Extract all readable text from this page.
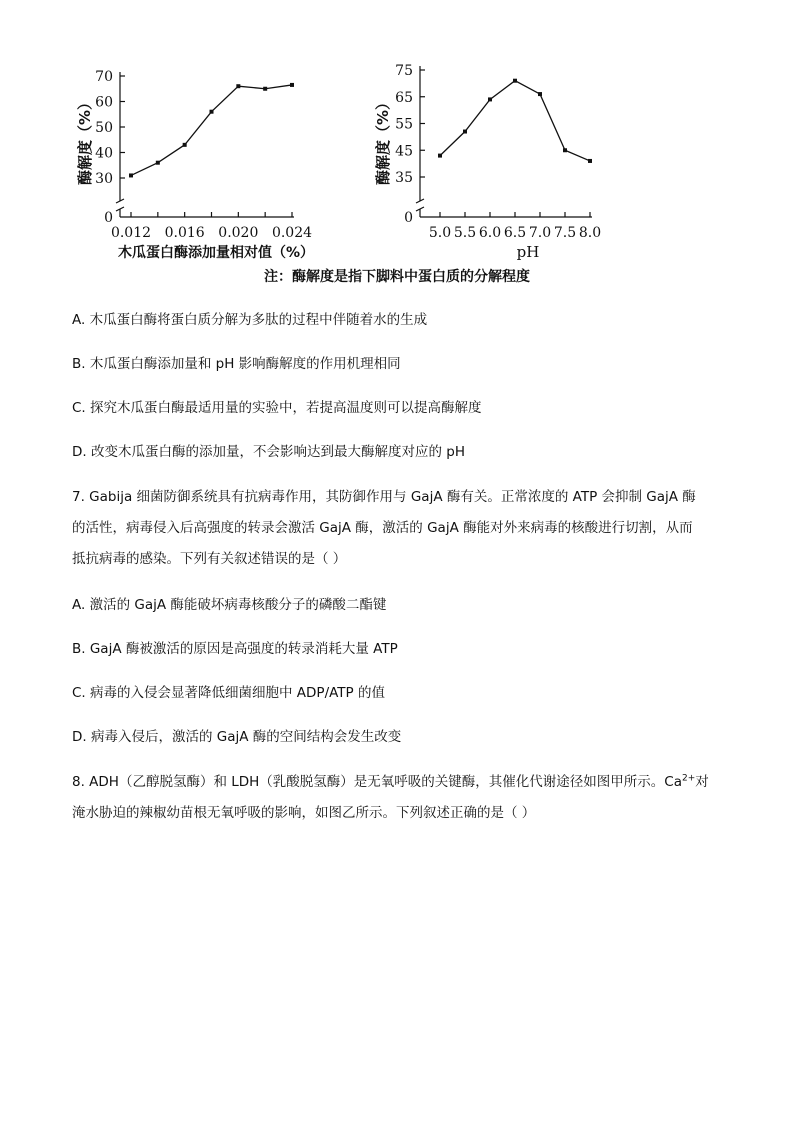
30
40
50
60
70
0
0.012 0.016 0.020 0.024
木瓜蛋白酶添加量相对值（%）
酶解度（%）	35
45
55
65
75
0
5.0 5.5 6.0 6.5 7.0 7.5 8.0
pH
酶解度（%）
注：酶解度是指下脚料中蛋白质的分解程度
A. 木瓜蛋白酶将蛋白质分解为多肽的过程中伴随着水的生成
B. 木瓜蛋白酶添加量和 pH 影响酶解度的作用机理相同
C. 探究木瓜蛋白酶最适用量的实验中，若提高温度则可以提高酶解度
D. 改变木瓜蛋白酶的添加量，不会影响达到最大酶解度对应的 pH
7. Gabija 细菌防御系统具有抗病毒作用，其防御作用与 GajA 酶有关。正常浓度的 ATP 会抑制 GajA 酶
的活性，病毒侵入后高强度的转录会激活 GajA 酶，激活的 GajA 酶能对外来病毒的核酸进行切割，从而
抵抗病毒的感染。下列有关叙述错误的是（ ）
A. 激活的 GajA 酶能破坏病毒核酸分子的磷酸二酯键
B. GajA 酶被激活的原因是高强度的转录消耗大量 ATP
C. 病毒的入侵会显著降低细菌细胞中 ADP/ATP 的值
D. 病毒入侵后，激活的 GajA 酶的空间结构会发生改变
8. ADH（乙醇脱氢酶）和 LDH（乳酸脱氢酶）是无氧呼吸的关键酶，其催化代谢途径如图甲所示。$Ca^{2+}$对
淹水胁迫的辣椒幼苗根无氧呼吸的影响，如图乙所示。下列叙述正确的是（ ）
